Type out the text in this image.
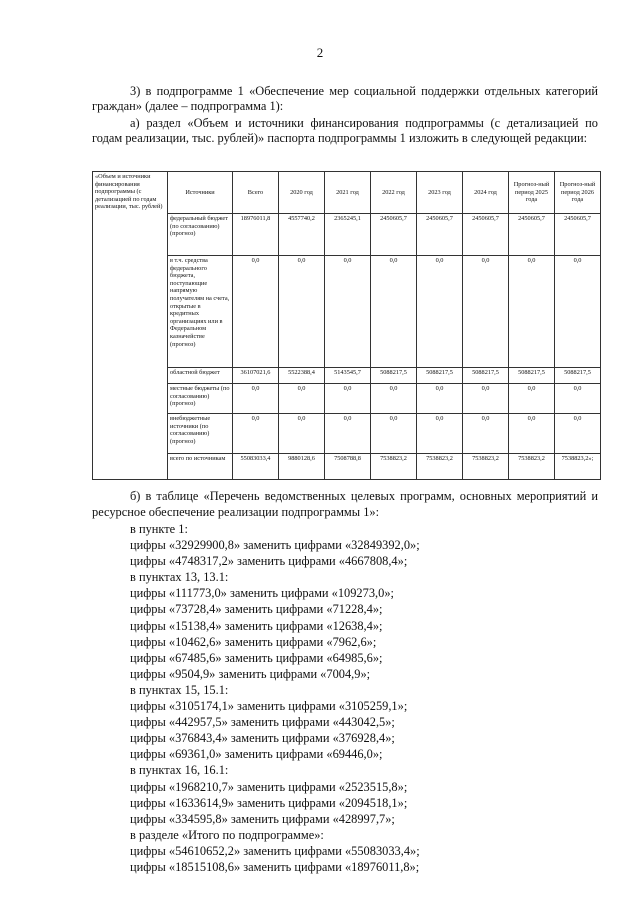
2
3) в подпрограмме 1 «Обеспечение мер социальной поддержки отдельных категорий граждан» (далее – подпрограмма 1):
а) раздел «Объем и источники финансирования подпрограммы (с детализацией по годам реализации, тыс. рублей)» паспорта подпрограммы 1 изложить в следующей редакции:
«Объем и источники финансирования подпрограммы (с детализацией по годам реализации, тыс. рублей)	Источники	Всего	2020 год	2021 год	2022 год	2023 год	2024 год	Прогноз-ный период 2025 года	Прогноз-ный период 2026 года
	федеральный бюджет (по согласованию) (прогноз)	18976011,8	4557740,2	2365245,1	2450605,7	2450605,7	2450605,7	2450605,7	2450605,7
	в т.ч. средства федерального бюджета, поступающие напрямую получателям на счета, открытые в кредитных организациях или в Федеральном казначействе (прогноз)	0,0	0,0	0,0	0,0	0,0	0,0	0,0	0,0
	областной бюджет	36107021,6	5522388,4	5143545,7	5088217,5	5088217,5	5088217,5	5088217,5	5088217,5
	местные бюджеты (по согласованию) (прогноз)	0,0	0,0	0,0	0,0	0,0	0,0	0,0	0,0
	внебюджетные источники (по согласованию) (прогноз)	0,0	0,0	0,0	0,0	0,0	0,0	0,0	0,0
	всего по источникам	55083033,4	9880128,6	7508788,8	7538823,2	7538823,2	7538823,2	7538823,2	7538823,2»;
б) в таблице «Перечень ведомственных целевых программ, основных мероприятий и ресурсное обеспечение реализации подпрограммы 1»:
в пункте 1:
цифры «32929900,8» заменить цифрами «32849392,0»;
цифры «4748317,2» заменить цифрами «4667808,4»;
в пунктах 13, 13.1:
цифры «111773,0» заменить цифрами «109273,0»;
цифры «73728,4» заменить цифрами «71228,4»;
цифры «15138,4» заменить цифрами «12638,4»;
цифры «10462,6» заменить цифрами «7962,6»;
цифры «67485,6» заменить цифрами «64985,6»;
цифры «9504,9» заменить цифрами «7004,9»;
в пунктах 15, 15.1:
цифры «3105174,1» заменить цифрами «3105259,1»;
цифры «442957,5» заменить цифрами «443042,5»;
цифры «376843,4» заменить цифрами «376928,4»;
цифры «69361,0» заменить цифрами «69446,0»;
в пунктах 16, 16.1:
цифры «1968210,7» заменить цифрами «2523515,8»;
цифры «1633614,9» заменить цифрами «2094518,1»;
цифры «334595,8» заменить цифрами «428997,7»;
в разделе «Итого по подпрограмме»:
цифры «54610652,2» заменить цифрами «55083033,4»;
цифры «18515108,6» заменить цифрами «18976011,8»;
